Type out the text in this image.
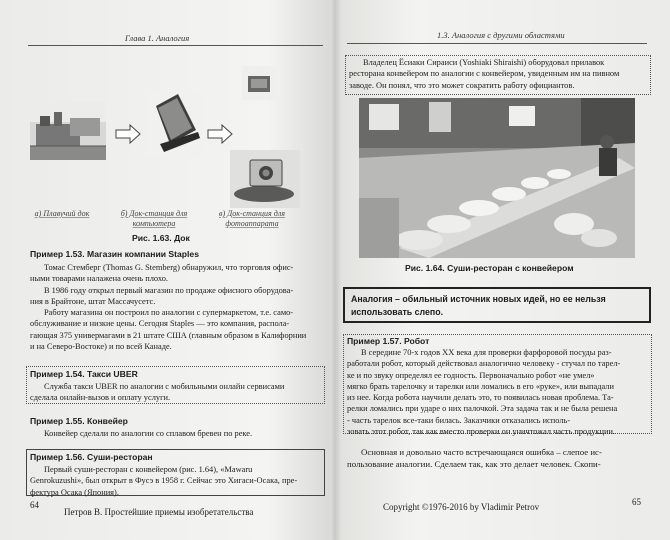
Глава 1. Аналогия
а) Плавучий док	б) Док-станция для компьютера
в) Док-станция для фотоаппарата
Рис. 1.63. Док
Пример 1.53. Магазин компании Staples
Томас Стемберг (Thomas G. Stemberg) обнаружил, что торговля офис-
ными товарами налажена очень плохо.
В 1986 году открыл первый магазин по продаже офисного оборудова-
ния в Брайтоне, штат Массачусетс.
Работу магазина он построил по аналогии с супермаркетом, т.е. само-
обслуживание и низкие цены. Сегодня Staples — это компания, распола-
гающая 375 универмагами в 21 штате США (главным образом в Калифорнии
и на Северо-Востоке) и по всей Канаде.
Пример 1.54. Такси UBER
Служба такси UBER по аналогии с мобильными онлайн сервисами
сделала онлайн-вызов и оплату услуги.
Пример 1.55. Конвейер
Конвейер сделали по аналогии со сплавом бревен по реке.
Пример 1.56. Суши-ресторан
Первый суши-ресторан с конвейером (рис. 1.64), «Mawaru
Genrokuzushi», был открыт в Фусэ в 1958 г. Сейчас это Хигаси-Осака, пре-
фектура Осака (Япония).
64
Петров В. Простейшие приемы изобретательства
1.3. Аналогия с другими областями
Владелец Ёсиаки Сираиси (Yoshiaki Shiraishi) оборудовал прилавок
ресторана конвейером по аналогии с конвейером, увиденным им на пивном
заводе. Он понял, что это может сократить работу официантов.
Рис. 1.64. Суши-ресторан с конвейером
Аналогия – обильный источник новых идей, но ее нельзя использовать слепо.
Пример 1.57. Робот
В середине 70-х годов XX века для проверки фарфоровой посуды раз-
работали робот, который действовал аналогично человеку - стучал по тарел-
ке и по звуку определял ее годность. Первоначально робот «не умел»
мягко брать тарелочку и тарелки или ломались в его «руке», или выпадали
из нее. Когда робота научили делать это, то появилась новая проблема. Та-
релки ломались при ударе о них палочкой. Эта задача так и не была решена
- часть тарелок все-таки билась. Заказчики отказались исполь-
зовать этот робот, так как вместо проверки он уничтожал часть продукции.
Основная и довольно часто встречающаяся ошибка – слепое ис-
пользование аналогии. Сделаем так, как это делает человек. Скопи-
Copyright ©1976-2016 by Vladimir Petrov	65
